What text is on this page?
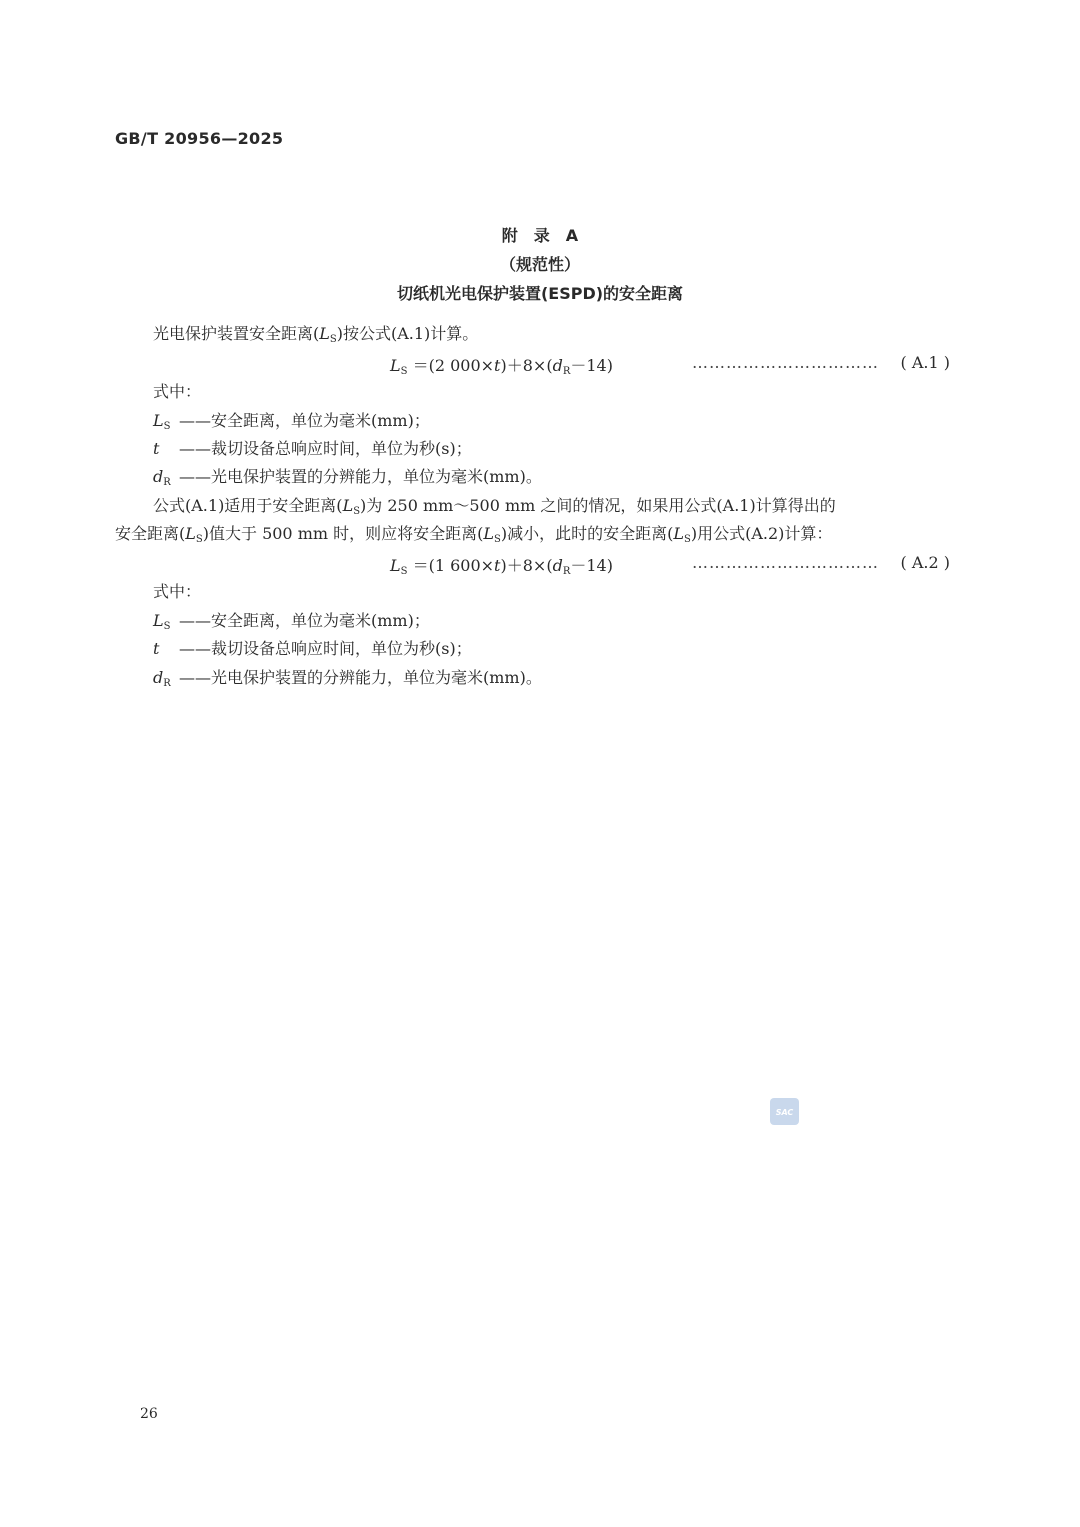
GB/T 20956—2025
附　录　A
（规范性）
切纸机光电保护装置(ESPD)的安全距离
光电保护装置安全距离$(L_S)$按公式(A.1)计算。
$L_S =(2$ $000\times t)+8\times(d_R-14)$	…………………………… ( A.1 )
式中：
$L_S$ ——安全距离，单位为毫米(mm)；
t ——裁切设备总响应时间，单位为秒(s)；
$d_R$ ——光电保护装置的分辨能力，单位为毫米(mm)。
公式(A.1)适用于安全距离$(L_S)$为 250 mm～500 mm 之间的情况，如果用公式(A.1)计算得出的
安全距离$(L_S)$值大于 500 mm 时，则应将安全距离$(L_S)$减小，此时的安全距离$(L_S)$用公式(A.2)计算：
$L_S =(1$ $600\times t)+8\times(d_R-14)$	…………………………… ( A.2 )
式中：
$L_S$ ——安全距离，单位为毫米(mm)；
t ——裁切设备总响应时间，单位为秒(s)；
$d_R$ ——光电保护装置的分辨能力，单位为毫米(mm)。
SAC
26
